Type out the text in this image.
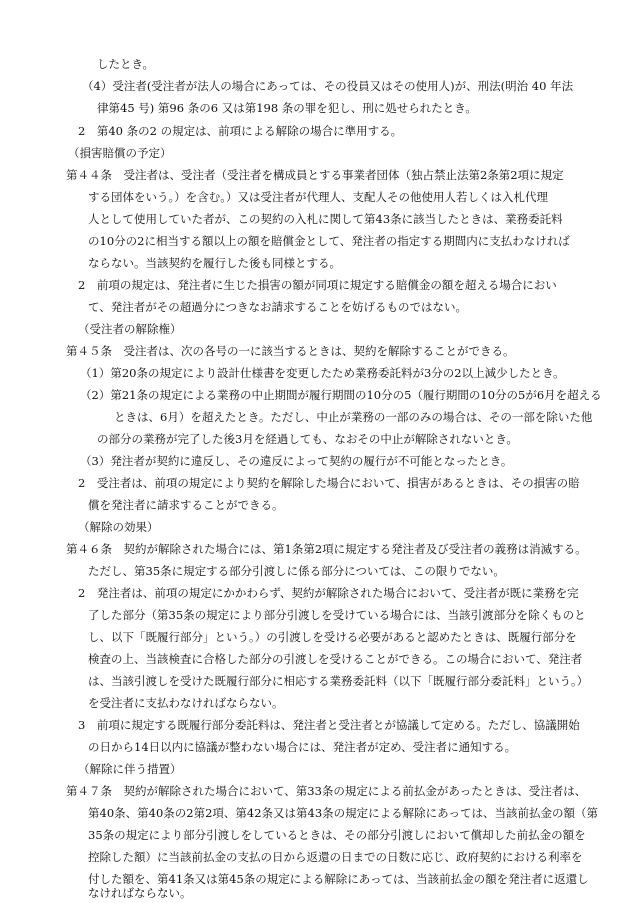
したとき。
（4）受注者(受注者が法人の場合にあっては、その役員又はその使用人)が、刑法(明治 40 年法
律第45 号) 第96 条の6 又は第198 条の罪を犯し、刑に処せられたとき。
2　第40 条の2 の規定は、前項による解除の場合に準用する。
（損害賠償の予定）
第４４条　受注者は、受注者（受注者を構成員とする事業者団体（独占禁止法第2条第2項に規定
する団体をいう。）を含む。）又は受注者が代理人、支配人その他使用人若しくは入札代理
人として使用していた者が、この契約の入札に関して第43条に該当したときは、業務委託料
の10分の2に相当する額以上の額を賠償金として、発注者の指定する期間内に支払わなければ
ならない。当該契約を履行した後も同様とする。
2　前項の規定は、発注者に生じた損害の額が同項に規定する賠償金の額を超える場合におい
て、発注者がその超過分につきなお請求することを妨げるものではない。
（受注者の解除権）
第４５条　受注者は、次の各号の一に該当するときは、契約を解除することができる。
（1）第20条の規定により設計仕様書を変更したため業務委託料が3分の2以上減少したとき。
（2）第21条の規定による業務の中止期間が履行期間の10分の5（履行期間の10分の5が6月を超える
ときは、6月）を超えたとき。ただし、中止が業務の一部のみの場合は、その一部を除いた他
の部分の業務が完了した後3月を経過しても、なおその中止が解除されないとき。
（3）発注者が契約に違反し、その違反によって契約の履行が不可能となったとき。
2　受注者は、前項の規定により契約を解除した場合において、損害があるときは、その損害の賠
償を発注者に請求することができる。
（解除の効果）
第４６条　契約が解除された場合には、第1条第2項に規定する発注者及び受注者の義務は消滅する。
ただし、第35条に規定する部分引渡しに係る部分については、この限りでない。
2　発注者は、前項の規定にかかわらず、契約が解除された場合において、受注者が既に業務を完
了した部分（第35条の規定により部分引渡しを受けている場合には、当該引渡部分を除くものと
し、以下「既履行部分」という。）の引渡しを受ける必要があると認めたときは、既履行部分を
検査の上、当該検査に合格した部分の引渡しを受けることができる。この場合において、発注者
は、当該引渡しを受けた既履行部分に相応する業務委託料（以下「既履行部分委託料」という。）
を受注者に支払わなければならない。
3　前項に規定する既履行部分委託料は、発注者と受注者とが協議して定める。ただし、協議開始
の日から14日以内に協議が整わない場合には、発注者が定め、受注者に通知する。
（解除に伴う措置）
第４７条　契約が解除された場合において、第33条の規定による前払金があったときは、受注者は、
第40条、第40条の2第2項、第42条又は第43条の規定による解除にあっては、当該前払金の額（第
35条の規定により部分引渡しをしているときは、その部分引渡しにおいて償却した前払金の額を
控除した額）に当該前払金の支払の日から返還の日までの日数に応じ、政府契約における利率を
付した額を、第41条又は第45条の規定による解除にあっては、当該前払金の額を発注者に返還し
なければならない。
